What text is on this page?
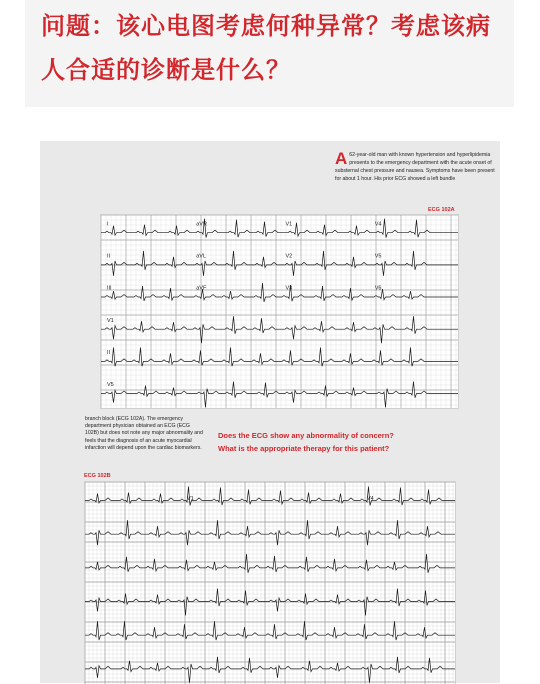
问题：该心电图考虑何种异常？考虑该病人合适的诊断是什么？

A 62-year-old man with known hypertension and hyperlipidemia presents to the emergency department with the acute onset of substernal chest pressure and nausea. Symptoms have been present for about 1 hour. His prior ECG showed a left bundle
ECG 102A
I	aVR	V1	V4
II	aVL	V2	V5
III	aVF	V3	V6
V1
II
V5
branch block (ECG 102A). The emergency department physician obtained an ECG (ECG 102B) but does not note any major abnormality and feels that the diagnosis of an acute myocardial infarction will depend upon the cardiac biomarkers.

Does the ECG show any abnormality of concern?

What is the appropriate therapy for this patient?

ECG 102B
V1	V4
